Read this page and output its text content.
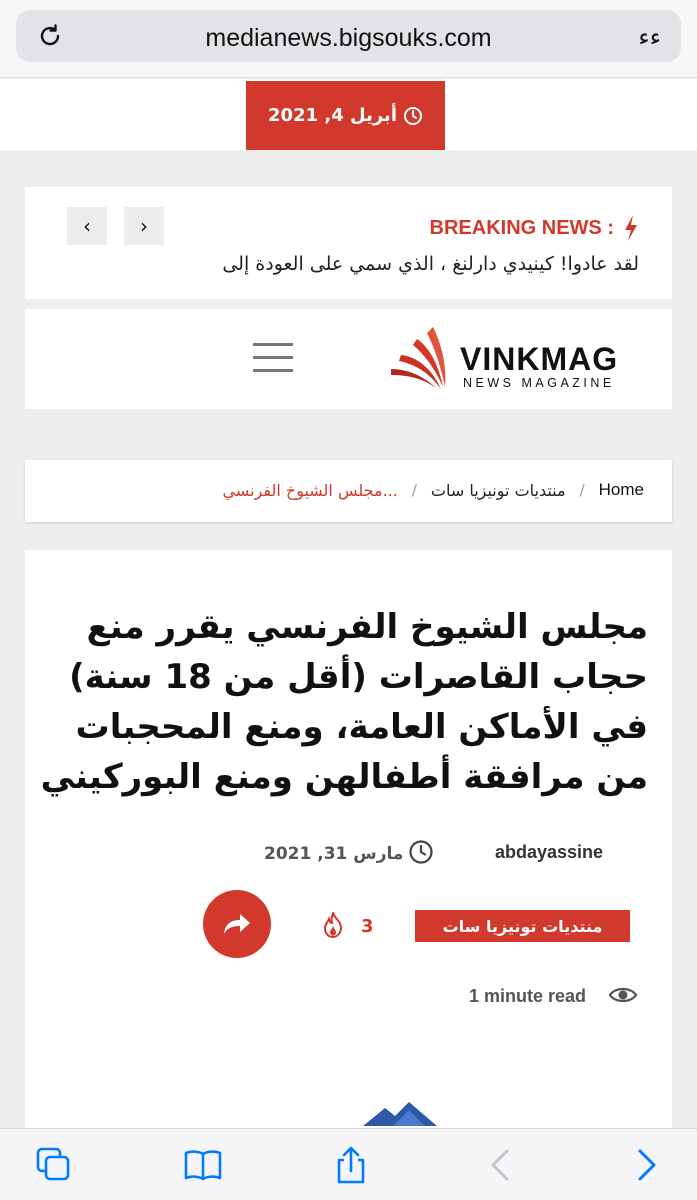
medianews.bigsouks.com	ﺀﺀ
أبريل 4, 2021
‹ ›	BREAKING NEWS :
لقد عادوا! كينيدي دارلنغ ، الذي سمي على العودة إلى
VINKMAG
NEWS MAGAZINE
Home
/
منتديات تونيزيا سات
/
مجلس الشيوخ الفرنسي...
مجلس الشيوخ الفرنسي يقرر منع حجاب القاصرات (أقل من 18 سنة) في الأماكن العامة، ومنع المحجبات من مرافقة أطفالهن ومنع البوركيني
abdayassine
مارس 31, 2021
3	منتديات تونيزيا سات
1 minute read
